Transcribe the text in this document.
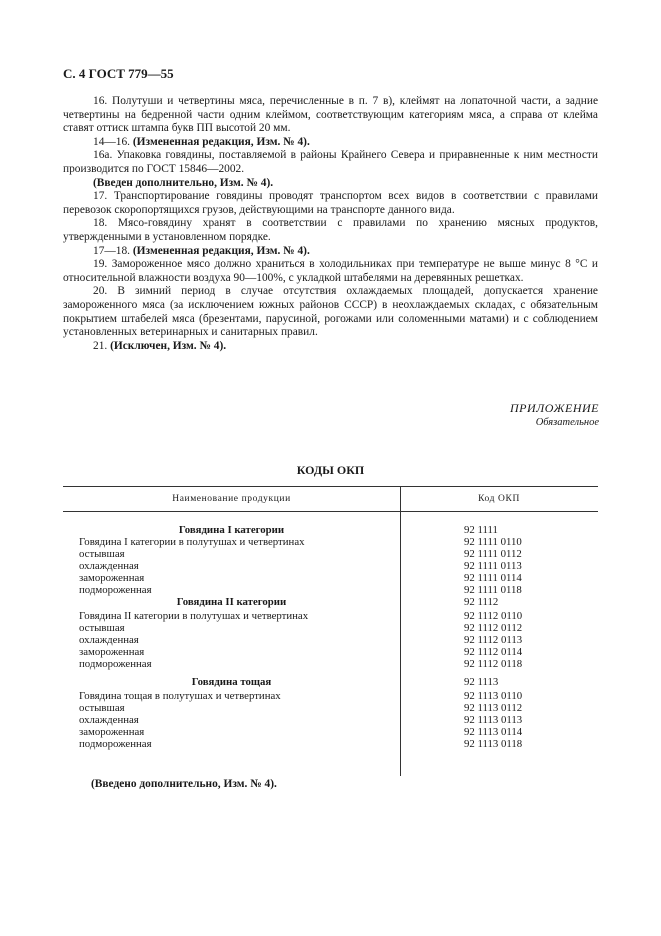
С. 4 ГОСТ 779—55

16. Полутуши и четвертины мяса, перечисленные в п. 7 в), клеймят на лопаточной части, а задние четвертины на бедренной части одним клеймом, соответствующим категориям мяса, а справа от клейма ставят оттиск штампа букв ПП высотой 20 мм.

14—16. (Измененная редакция, Изм. № 4).

16а. Упаковка говядины, поставляемой в районы Крайнего Севера и приравненные к ним местности производится по ГОСТ 15846—2002.

(Введен дополнительно, Изм. № 4).

17. Транспортирование говядины проводят транспортом всех видов в соответствии с правилами перевозок скоропортящихся грузов, действующими на транспорте данного вида.

18. Мясо-говядину хранят в соответствии с правилами по хранению мясных продуктов, утвержденными в установленном порядке.

17—18. (Измененная редакция, Изм. № 4).

19. Замороженное мясо должно храниться в холодильниках при температуре не выше минус 8 °С и относительной влажности воздуха 90—100%, с укладкой штабелями на деревянных решетках.

20. В зимний период в случае отсутствия охлаждаемых площадей, допускается хранение замороженного мяса (за исключением южных районов СССР) в неохлаждаемых складах, с обязательным покрытием штабелей мяса (брезентами, парусиной, рогожами или соломенными матами) и с соблюдением установленных ветеринарных и санитарных правил.

21. (Исключен, Изм. № 4).

ПРИЛОЖЕНИЕ
Обязательное
КОДЫ ОКП
Наименование продукции	Код ОКП
Говядина I категории	92 1111
Говядина I категории в полутушах и четвертинах	92 1111 0110
остывшая	92 1111 0112
охлажденная	92 1111 0113
замороженная	92 1111 0114
подмороженная	92 1111 0118
Говядина II категории	92 1112
Говядина II категории в полутушах и четвертинах	92 1112 0110
остывшая	92 1112 0112
охлажденная	92 1112 0113
замороженная	92 1112 0114
подмороженная	92 1112 0118
Говядина тощая	92 1113
Говядина тощая в полутушах и четвертинах	92 1113 0110
остывшая	92 1113 0112
охлажденная	92 1113 0113
замороженная	92 1113 0114
подмороженная	92 1113 0118
(Введено дополнительно, Изм. № 4).
